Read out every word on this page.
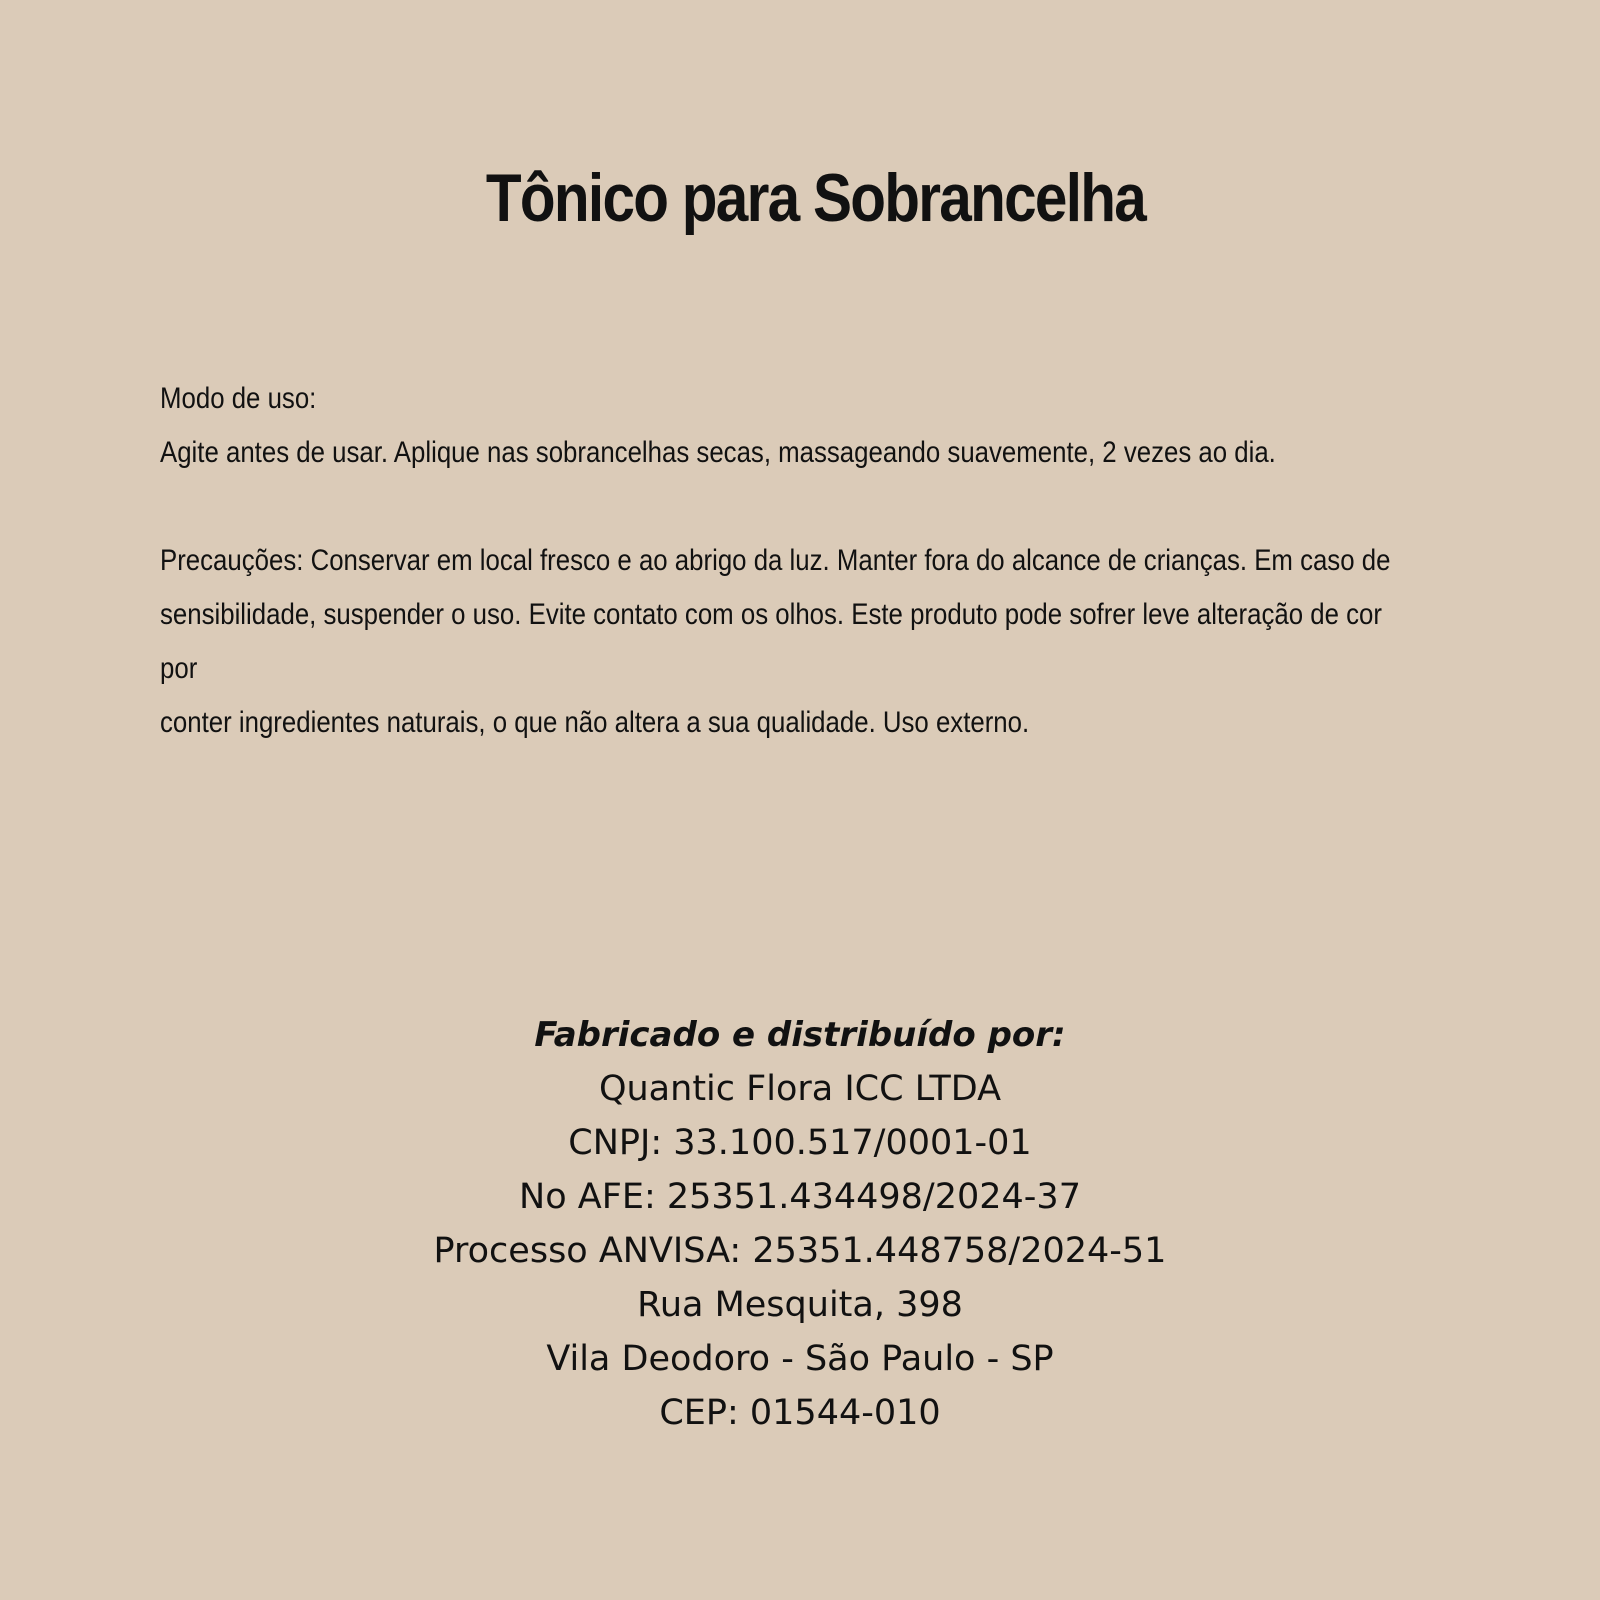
Tônico para Sobrancelha

Modo de uso:

Agite antes de usar. Aplique nas sobrancelhas secas, massageando suavemente, 2 vezes ao dia.

Precauções: Conservar em local fresco e ao abrigo da luz. Manter fora do alcance de crianças. Em caso de

sensibilidade, suspender o uso. Evite contato com os olhos. Este produto pode sofrer leve alteração de cor por

conter ingredientes naturais, o que não altera a sua qualidade. Uso externo.

Fabricado e distribuído por:
Quantic Flora ICC LTDA
CNPJ: 33.100.517/0001-01
No AFE: 25351.434498/2024-37
Processo ANVISA: 25351.448758/2024-51
Rua Mesquita, 398
Vila Deodoro - São Paulo - SP
CEP: 01544-010
